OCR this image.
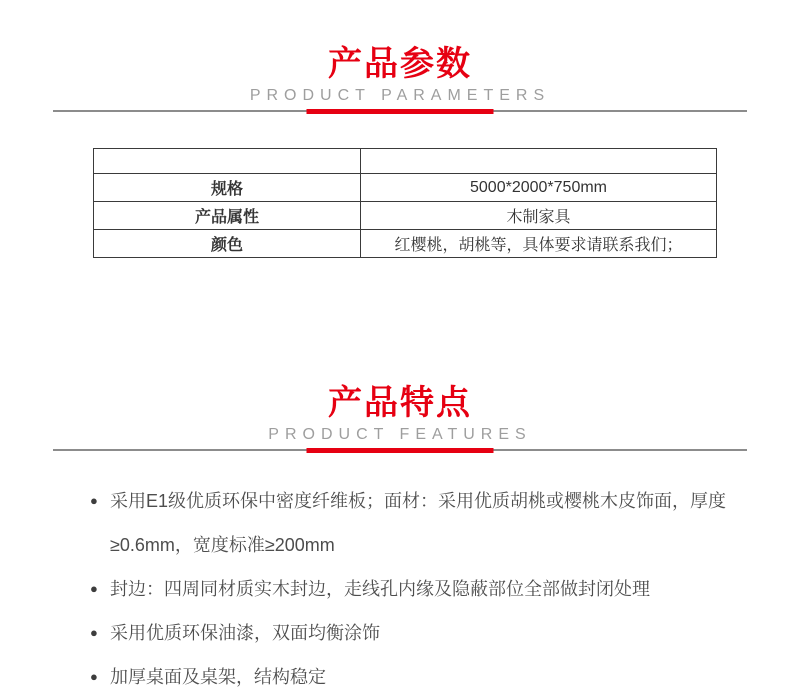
产品参数
PRODUCT PARAMETERS

规格	5000*2000*750mm
产品属性	木制家具
颜色	红樱桃，胡桃等，具体要求请联系我们；
产品特点
PRODUCT FEATURES
● 采用E1级优质环保中密度纤维板；面材：采用优质胡桃或樱桃木皮饰面，厚度≥0.6mm，宽度标准≥200mm
● 封边：四周同材质实木封边，走线孔内缘及隐蔽部位全部做封闭处理
● 采用优质环保油漆，双面均衡涂饰
● 加厚桌面及桌架，结构稳定
